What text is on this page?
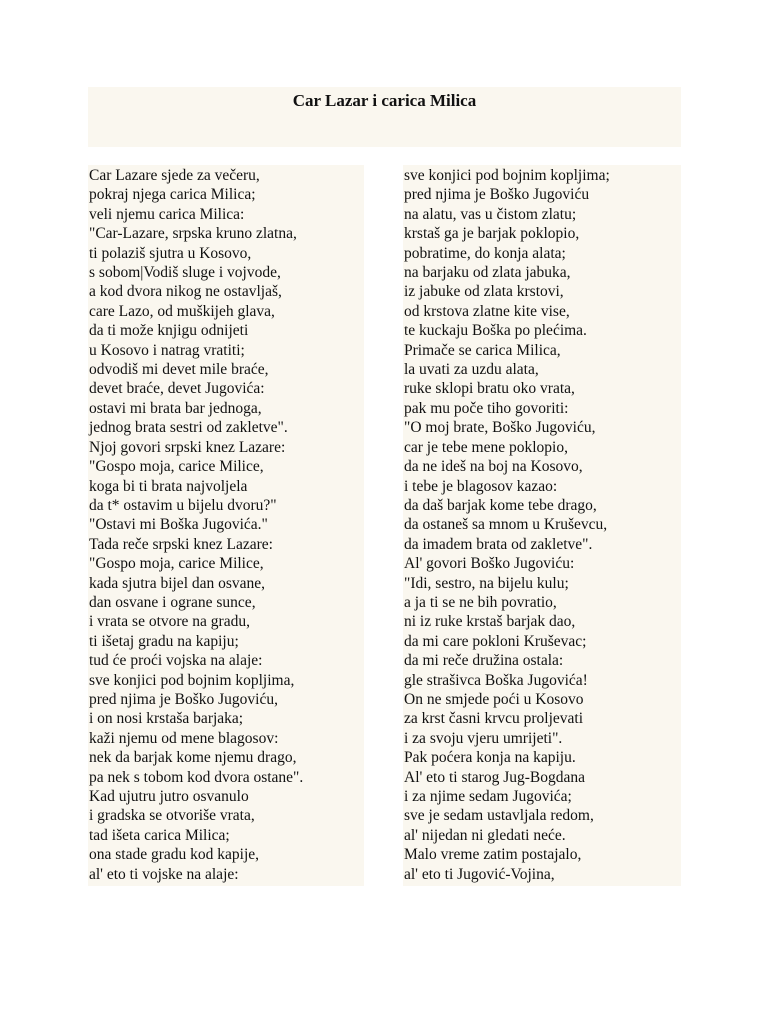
Car Lazar i carica Milica
Car Lazare sjede za večeru,
pokraj njega carica Milica;
veli njemu carica Milica:
"Car-Lazare, srpska kruno zlatna,
ti polaziš sjutra u Kosovo,
s sobom|Vodiš sluge i vojvode,
a kod dvora nikog ne ostavljaš,
care Lazo, od muškijeh glava,
da ti može knjigu odnijeti
u Kosovo i natrag vratiti;
odvodiš mi devet mile braće,
devet braće, devet Jugovića:
ostavi mi brata bar jednoga,
jednog brata sestri od zakletve".
Njoj govori srpski knez Lazare:
"Gospo moja, carice Milice,
koga bi ti brata najvoljela
da t* ostavim u bijelu dvoru?"
"Ostavi mi Boška Jugovića."
Tada reče srpski knez Lazare:
"Gospo moja, carice Milice,
kada sjutra bijel dan osvane,
dan osvane i ograne sunce,
i vrata se otvore na gradu,
ti išetaj gradu na kapiju;
tud će proći vojska na alaje:
sve konjici pod bojnim kopljima,
pred njima je Boško Jugoviću,
i on nosi krstaša barjaka;
kaži njemu od mene blagosov:
nek da barjak kome njemu drago,
pa nek s tobom kod dvora ostane".
Kad ujutru jutro osvanulo
i gradska se otvoriše vrata,
tad išeta carica Milica;
ona stade gradu kod kapije,
al' eto ti vojske na alaje:
sve konjici pod bojnim kopljima;
pred njima je Boško Jugoviću
na alatu, vas u čistom zlatu;
krstaš ga je barjak poklopio,
pobratime, do konja alata;
na barjaku od zlata jabuka,
iz jabuke od zlata krstovi,
od krstova zlatne kite vise,
te kuckaju Boška po plećima.
Primače se carica Milica,
la uvati za uzdu alata,
ruke sklopi bratu oko vrata,
pak mu poče tiho govoriti:
"O moj brate, Boško Jugoviću,
car je tebe mene poklopio,
da ne ideš na boj na Kosovo,
i tebe je blagosov kazao:
da daš barjak kome tebe drago,
da ostaneš sa mnom u Kruševcu,
da imadem brata od zakletve".
Al' govori Boško Jugoviću:
"Idi, sestro, na bijelu kulu;
a ja ti se ne bih povratio,
ni iz ruke krstaš barjak dao,
da mi care pokloni Kruševac;
da mi reče družina ostala:
gle strašivca Boška Jugovića!
On ne smjede poći u Kosovo
za krst časni krvcu proljevati
i za svoju vjeru umrijeti".
Pak poćera konja na kapiju.
Al' eto ti starog Jug-Bogdana
i za njime sedam Jugovića;
sve je sedam ustavljala redom,
al' nijedan ni gledati neće.
Malo vreme zatim postajalo,
al' eto ti Jugović-Vojina,
